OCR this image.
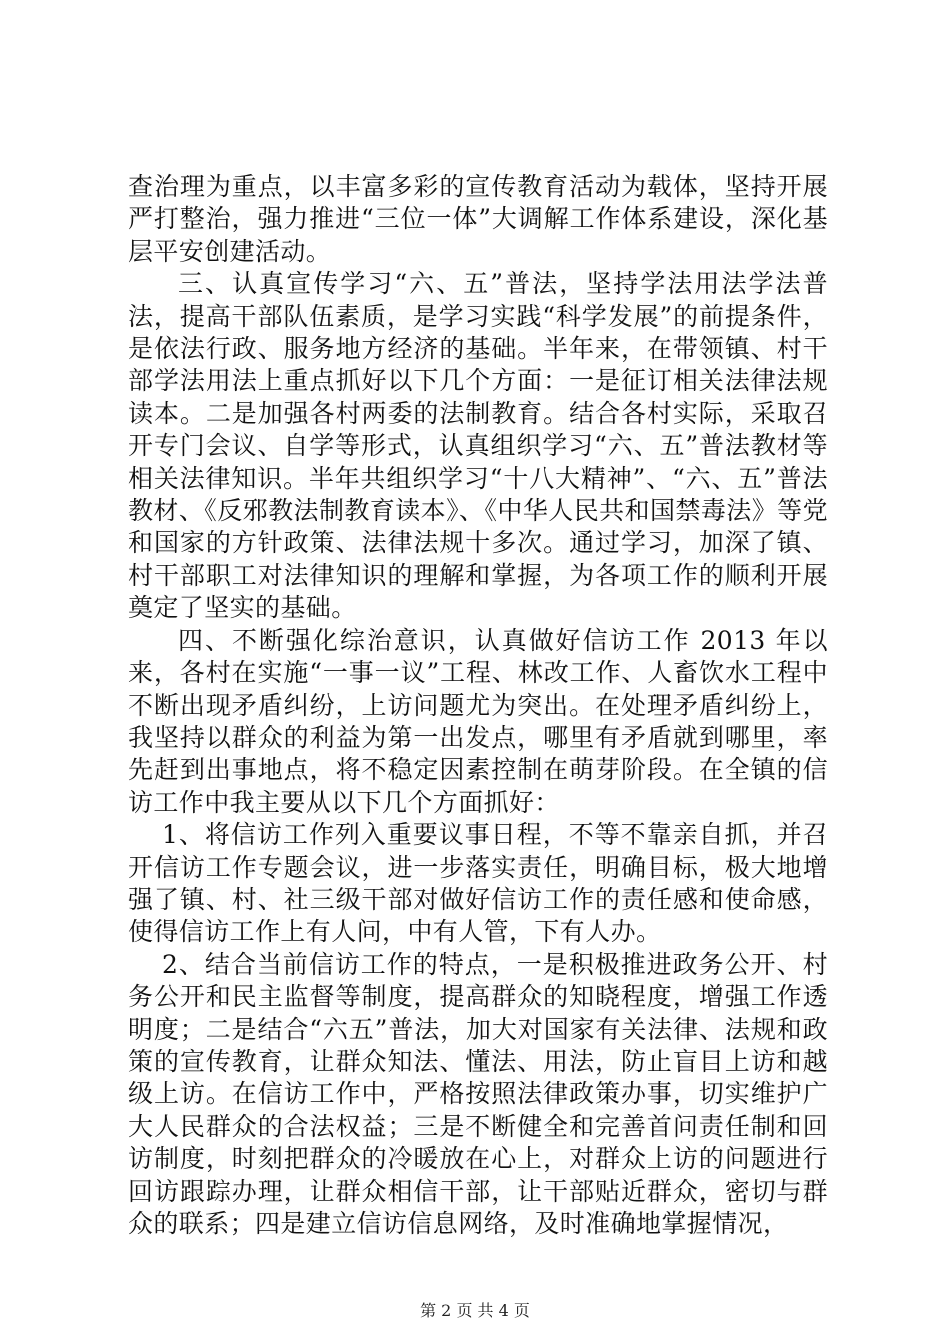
查治理为重点，以丰富多彩的宣传教育活动为载体，坚持开展严打整治，强力推进“三位一体”大调解工作体系建设，深化基层平安创建活动。

三、认真宣传学习“六、五”普法，坚持学法用法学法普法，提高干部队伍素质，是学习实践“科学发展”的前提条件，是依法行政、服务地方经济的基础。半年来，在带领镇、村干部学法用法上重点抓好以下几个方面：一是征订相关法律法规读本。二是加强各村两委的法制教育。结合各村实际，采取召开专门会议、自学等形式，认真组织学习“六、五”普法教材等相关法律知识。半年共组织学习“十八大精神”、“六、五”普法教材、《反邪教法制教育读本》、《中华人民共和国禁毒法》等党和国家的方针政策、法律法规十多次。通过学习，加深了镇、村干部职工对法律知识的理解和掌握，为各项工作的顺利开展奠定了坚实的基础。

四、不断强化综治意识，认真做好信访工作 2013 年以来，各村在实施“一事一议”工程、林改工作、人畜饮水工程中不断出现矛盾纠纷，上访问题尤为突出。在处理矛盾纠纷上，我坚持以群众的利益为第一出发点，哪里有矛盾就到哪里，率先赶到出事地点，将不稳定因素控制在萌芽阶段。在全镇的信访工作中我主要从以下几个方面抓好：

1、将信访工作列入重要议事日程，不等不靠亲自抓，并召开信访工作专题会议，进一步落实责任，明确目标，极大地增强了镇、村、社三级干部对做好信访工作的责任感和使命感，使得信访工作上有人问，中有人管，下有人办。

2、结合当前信访工作的特点，一是积极推进政务公开、村务公开和民主监督等制度，提高群众的知晓程度，增强工作透明度；二是结合“六五”普法，加大对国家有关法律、法规和政策的宣传教育，让群众知法、懂法、用法，防止盲目上访和越级上访。在信访工作中，严格按照法律政策办事，切实维护广大人民群众的合法权益；三是不断健全和完善首问责任制和回访制度，时刻把群众的冷暖放在心上，对群众上访的问题进行回访跟踪办理，让群众相信干部，让干部贴近群众，密切与群众的联系；四是建立信访信息网络，及时准确地掌握情况，

第 2 页 共 4 页
